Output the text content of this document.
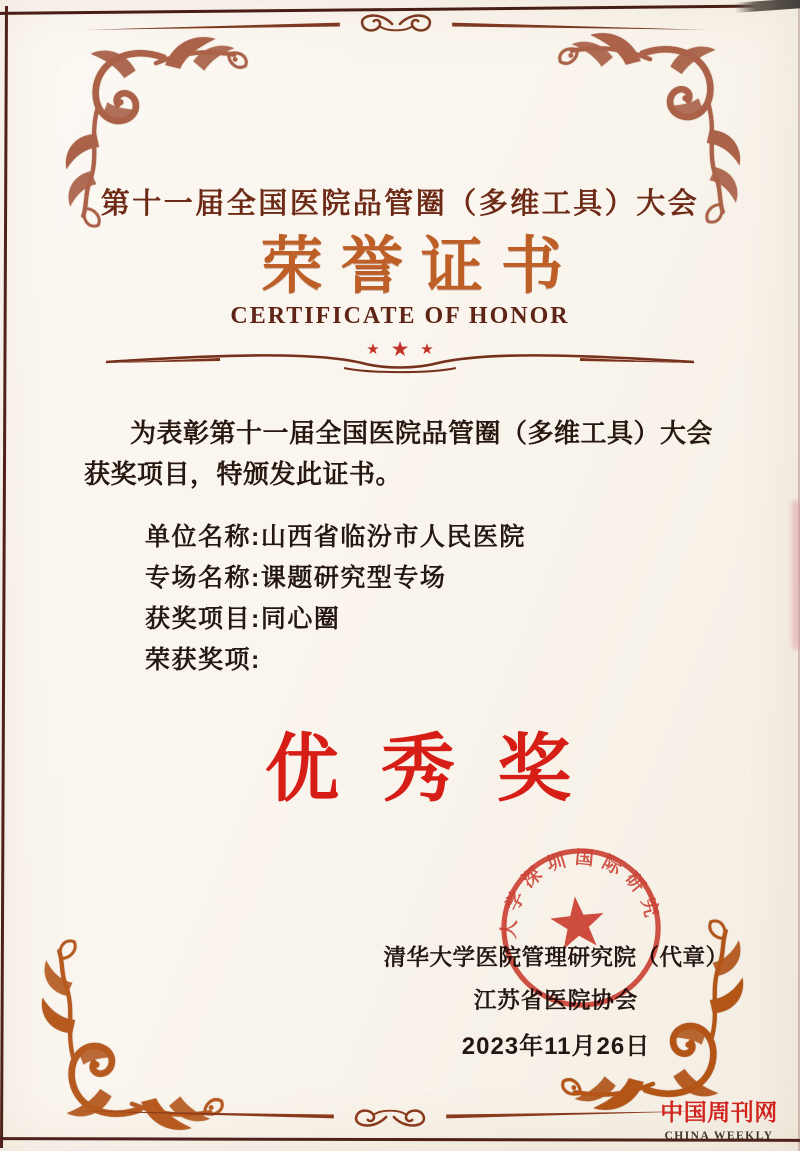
第十一届全国医院品管圈（多维工具）大会
荣誉证书
CERTIFICATE OF HONOR
★ ★ ★
为表彰第十一届全国医院品管圈（多维工具）大会
获奖项目，特颁发此证书。
单位名称:山西省临汾市人民医院
专场名称:课题研究型专场
获奖项目:同心圈
荣获奖项:
优秀奖
大学深圳国际研究
清华大学医院管理研究院（代章）
江苏省医院协会
2023年11月26日
中国周刊网
CHINA WEEKLY
